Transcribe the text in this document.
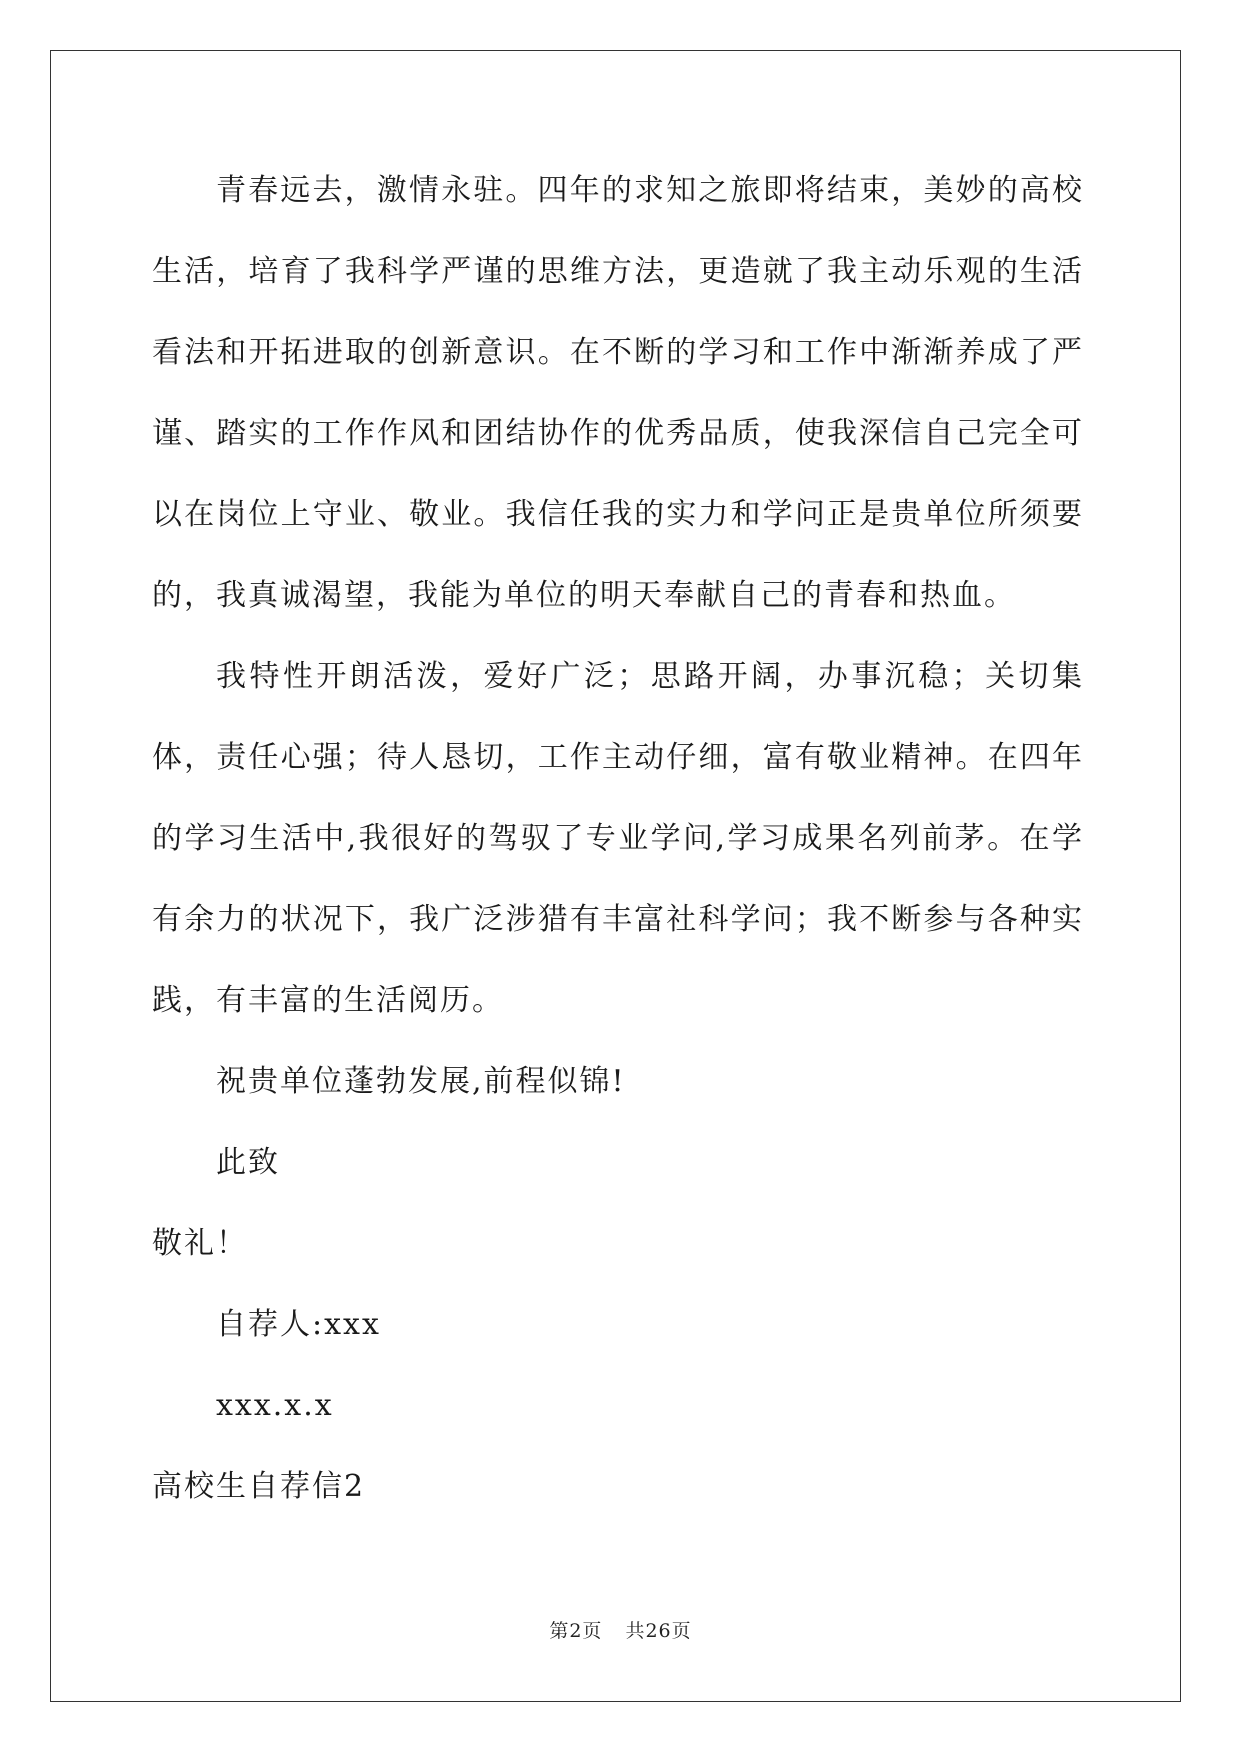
青春远去，激情永驻。四年的求知之旅即将结束，美妙的高校生活，培育了我科学严谨的思维方法，更造就了我主动乐观的生活看法和开拓进取的创新意识。在不断的学习和工作中渐渐养成了严谨、踏实的工作作风和团结协作的优秀品质，使我深信自己完全可以在岗位上守业、敬业。我信任我的实力和学问正是贵单位所须要的，我真诚渴望，我能为单位的明天奉献自己的青春和热血。

我特性开朗活泼，爱好广泛；思路开阔，办事沉稳；关切集体，责任心强；待人恳切，工作主动仔细，富有敬业精神。在四年的学习生活中,我很好的驾驭了专业学问,学习成果名列前茅。在学有余力的状况下，我广泛涉猎有丰富社科学问；我不断参与各种实践，有丰富的生活阅历。

祝贵单位蓬勃发展,前程似锦!

此致

敬礼！

自荐人:xxx

xxx.x.x

高校生自荐信2

第2页 共26页
